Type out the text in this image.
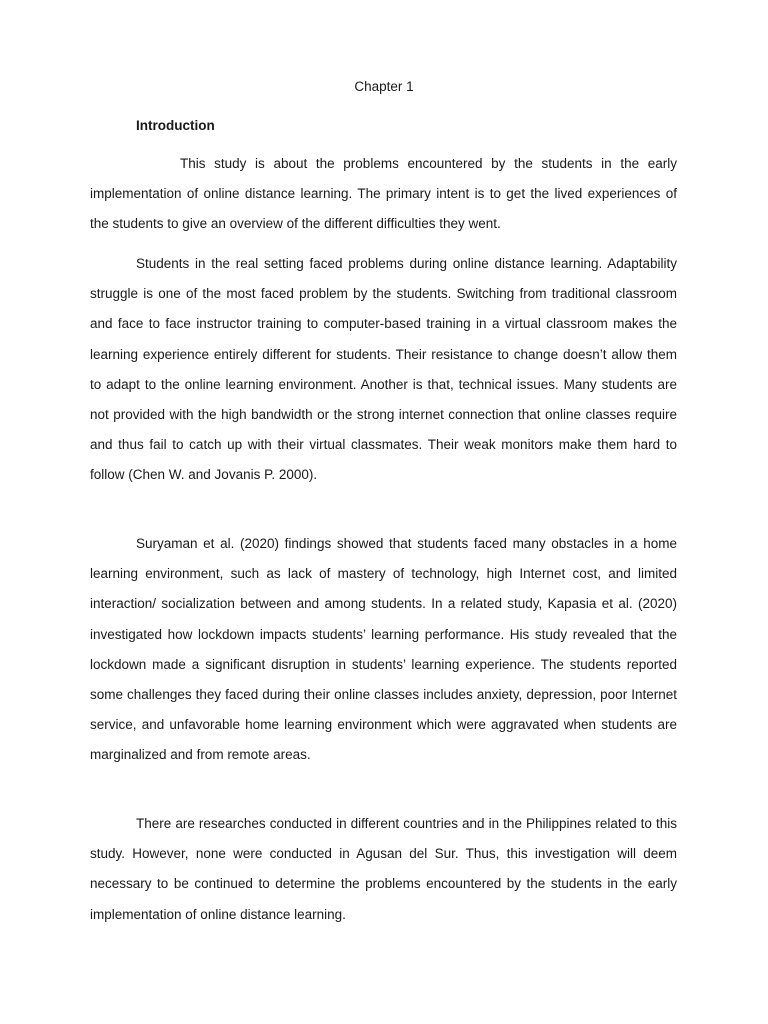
Chapter 1
Introduction

This study is about the problems encountered by the students in the early implementation of online distance learning. The primary intent is to get the lived experiences of the students to give an overview of the different difficulties they went.

Students in the real setting faced problems during online distance learning. Adaptability struggle is one of the most faced problem by the students. Switching from traditional classroom and face to face instructor training to computer-based training in a virtual classroom makes the learning experience entirely different for students. Their resistance to change doesn’t allow them to adapt to the online learning environment. Another is that, technical issues. Many students are not provided with the high bandwidth or the strong internet connection that online classes require and thus fail to catch up with their virtual classmates. Their weak monitors make them hard to follow (Chen W. and Jovanis P. 2000).

Suryaman et al. (2020) findings showed that students faced many obstacles in a home learning environment, such as lack of mastery of technology, high Internet cost, and limited interaction/ socialization between and among students. In a related study, Kapasia et al. (2020) investigated how lockdown impacts students’ learning performance. His study revealed that the lockdown made a significant disruption in students’ learning experience. The students reported some challenges they faced during their online classes includes anxiety, depression, poor Internet service, and unfavorable home learning environment which were aggravated when students are marginalized and from remote areas.

There are researches conducted in different countries and in the Philippines related to this study. However, none were conducted in Agusan del Sur. Thus, this investigation will deem necessary to be continued to determine the problems encountered by the students in the early implementation of online distance learning.
